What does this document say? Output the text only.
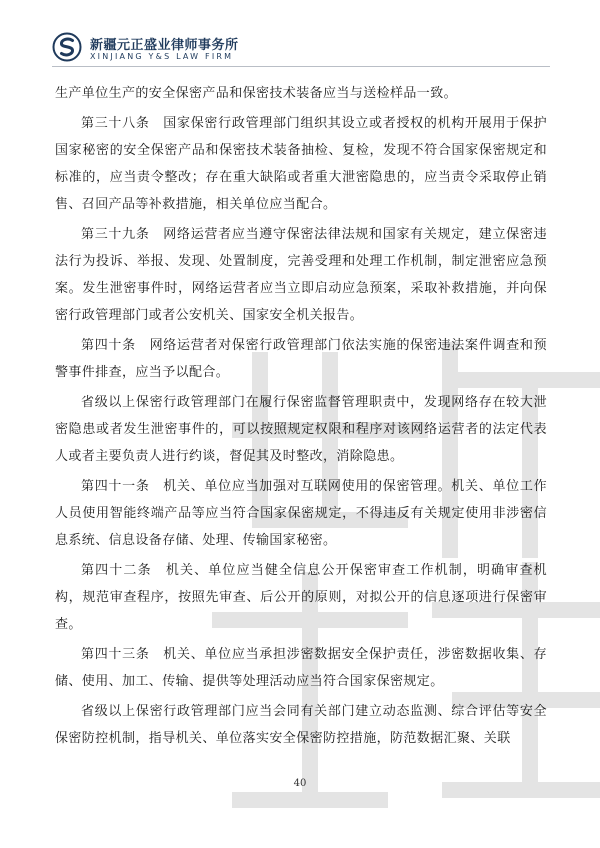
新疆元正盛业律师事务所
XINJIANG Y&S LAW FIRM

生产单位生产的安全保密产品和保密技术装备应当与送检样品一致。

第三十八条　国家保密行政管理部门组织其设立或者授权的机构开展用于保护国家秘密的安全保密产品和保密技术装备抽检、复检，发现不符合国家保密规定和标准的，应当责令整改；存在重大缺陷或者重大泄密隐患的，应当责令采取停止销售、召回产品等补救措施，相关单位应当配合。

第三十九条　网络运营者应当遵守保密法律法规和国家有关规定，建立保密违法行为投诉、举报、发现、处置制度，完善受理和处理工作机制，制定泄密应急预案。发生泄密事件时，网络运营者应当立即启动应急预案，采取补救措施，并向保密行政管理部门或者公安机关、国家安全机关报告。

第四十条　网络运营者对保密行政管理部门依法实施的保密违法案件调查和预警事件排查，应当予以配合。

省级以上保密行政管理部门在履行保密监督管理职责中，发现网络存在较大泄密隐患或者发生泄密事件的，可以按照规定权限和程序对该网络运营者的法定代表人或者主要负责人进行约谈，督促其及时整改，消除隐患。

第四十一条　机关、单位应当加强对互联网使用的保密管理。机关、单位工作人员使用智能终端产品等应当符合国家保密规定，不得违反有关规定使用非涉密信息系统、信息设备存储、处理、传输国家秘密。

第四十二条　机关、单位应当健全信息公开保密审查工作机制，明确审查机构，规范审查程序，按照先审查、后公开的原则，对拟公开的信息逐项进行保密审查。

第四十三条　机关、单位应当承担涉密数据安全保护责任，涉密数据收集、存储、使用、加工、传输、提供等处理活动应当符合国家保密规定。

省级以上保密行政管理部门应当会同有关部门建立动态监测、综合评估等安全保密防控机制，指导机关、单位落实安全保密防控措施，防范数据汇聚、关联

40
